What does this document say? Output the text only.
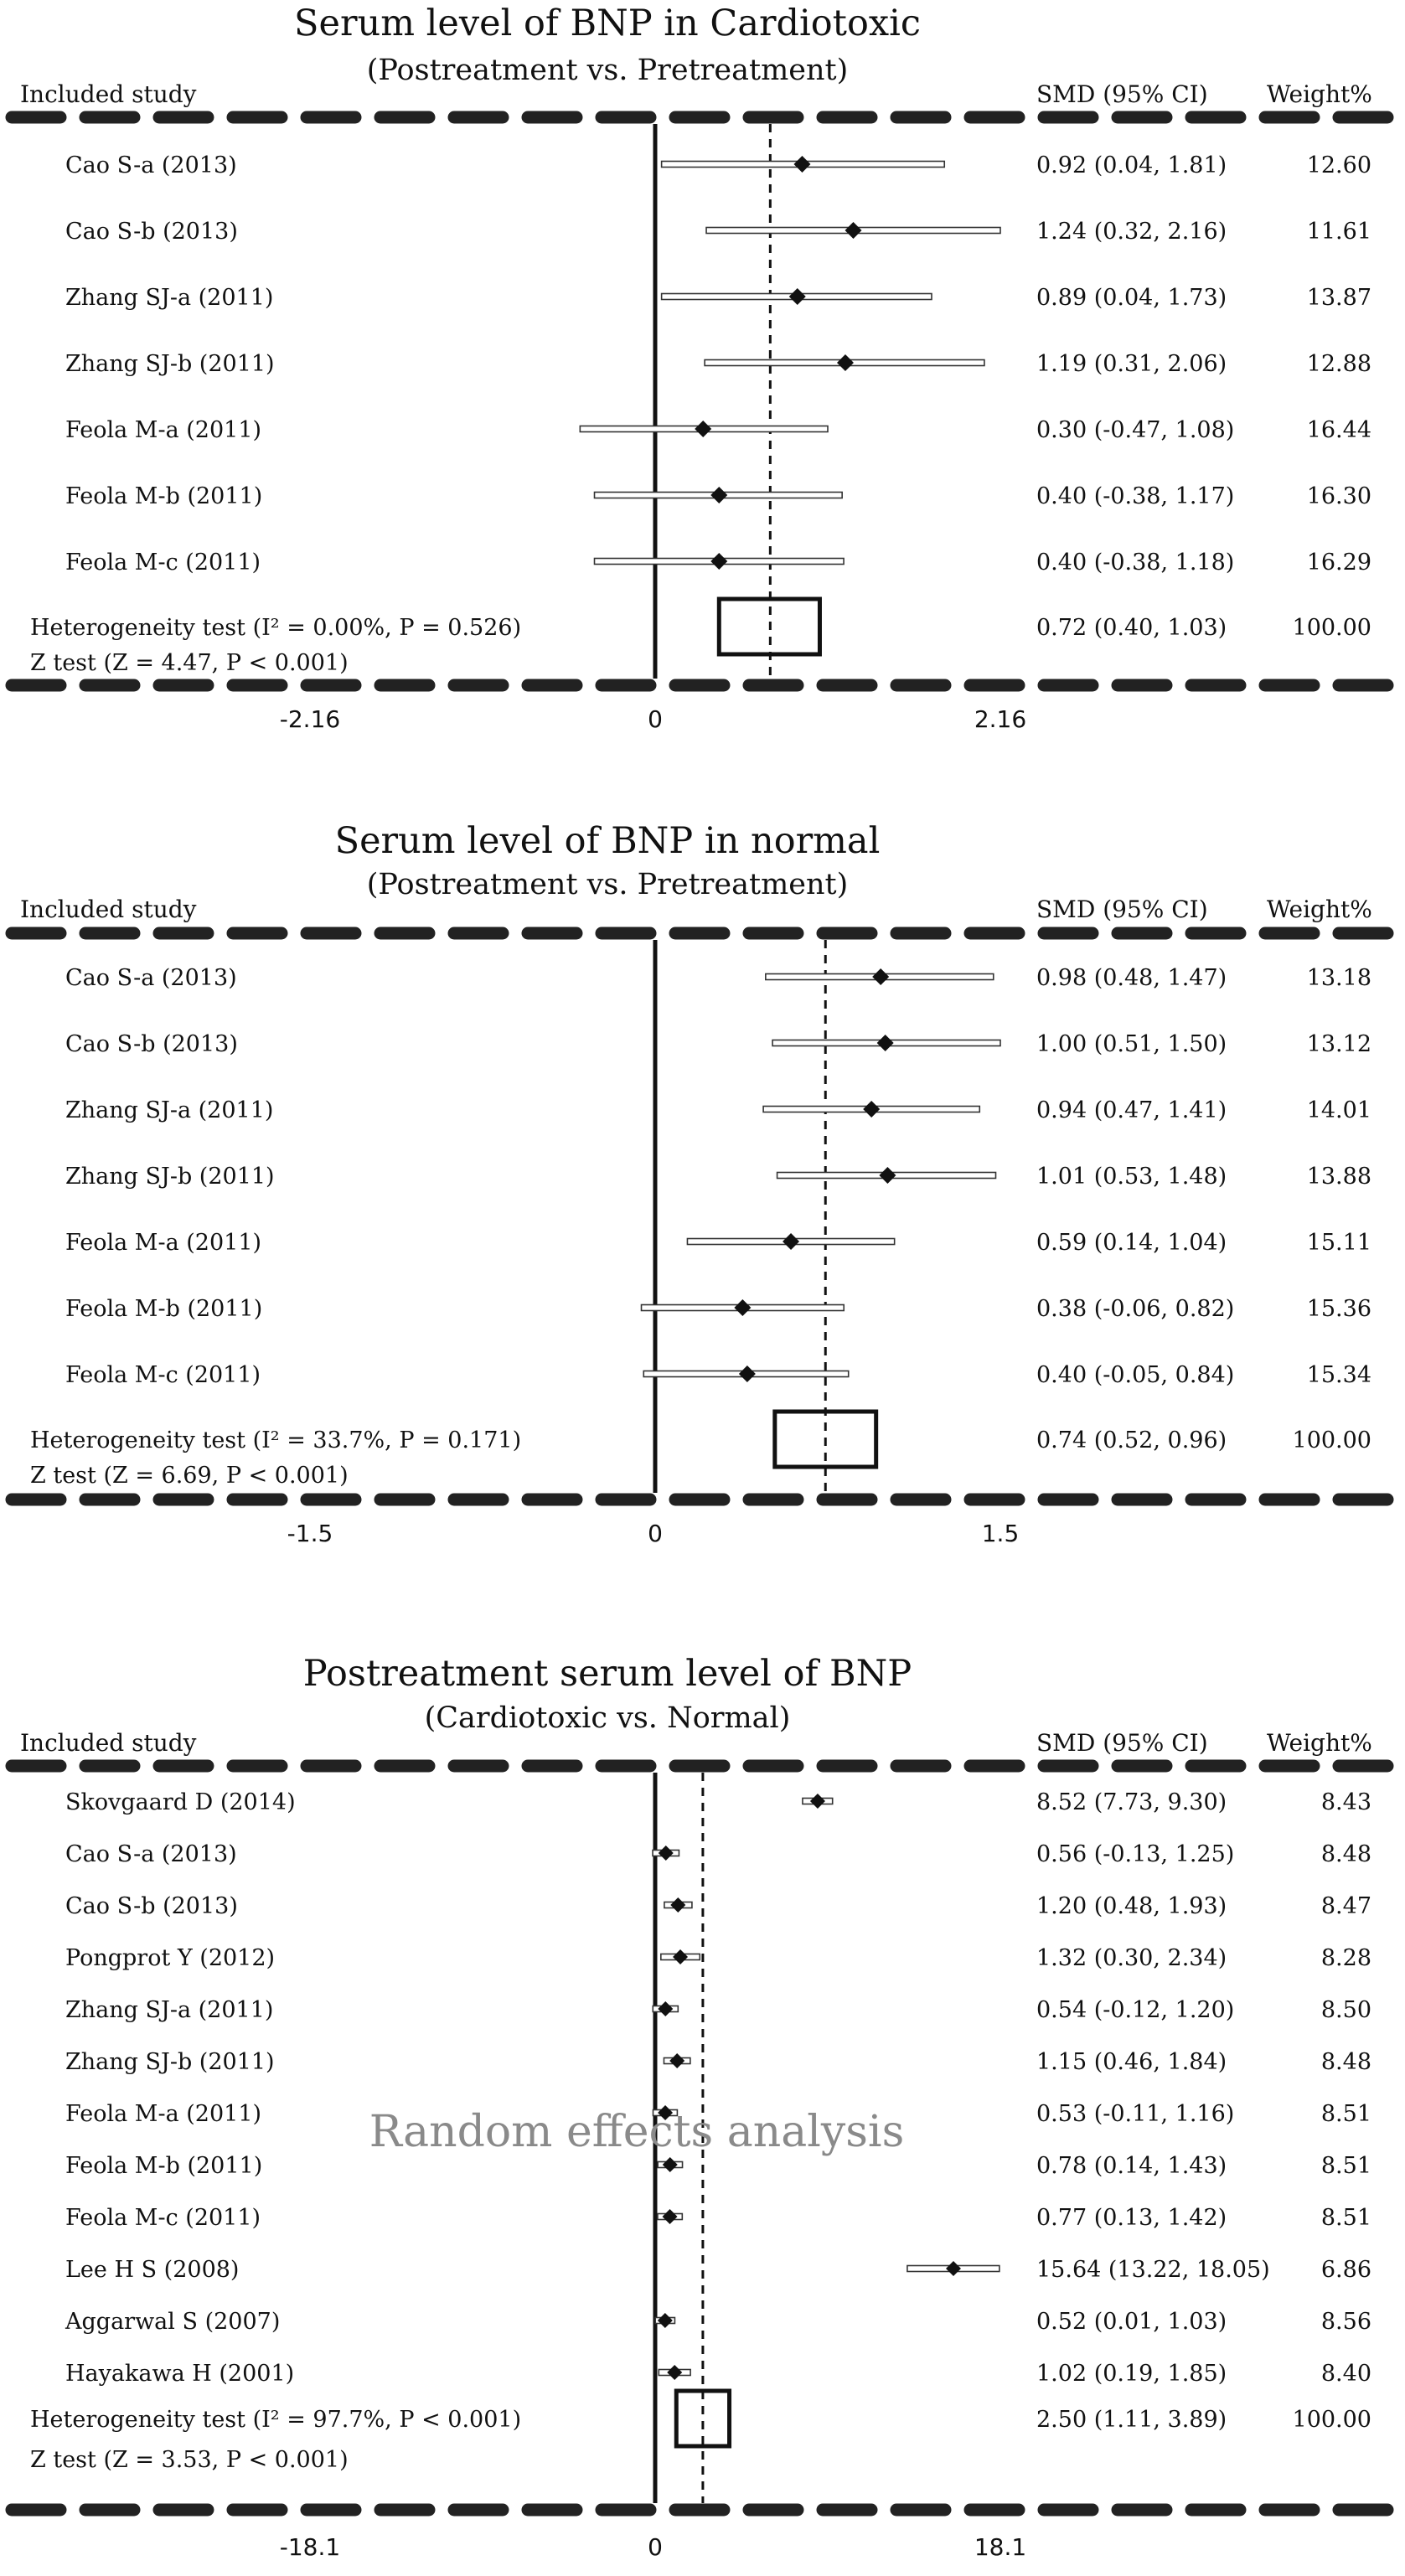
Serum level of BNP in Cardiotoxic
(Postreatment vs. Pretreatment)
Included study	SMD (95% CI)	Weight%
Cao S-a (2013)	0.92 (0.04, 1.81)	12.60
Cao S-b (2013)	1.24 (0.32, 2.16)	11.61
Zhang SJ-a (2011)	0.89 (0.04, 1.73)	13.87
Zhang SJ-b (2011)	1.19 (0.31, 2.06)	12.88
Feola M-a (2011)	0.30 (-0.47, 1.08)	16.44
Feola M-b (2011)	0.40 (-0.38, 1.17)	16.30
Feola M-c (2011)	0.40 (-0.38, 1.18)	16.29
Heterogeneity test (I² = 0.00%, P = 0.526)
Z test (Z = 4.47, P < 0.001)
0.72 (0.40, 1.03)	100.00
-2.16	0	2.16
Serum level of BNP in normal
(Postreatment vs. Pretreatment)
Included study	SMD (95% CI)	Weight%
Cao S-a (2013)	0.98 (0.48, 1.47)	13.18
Cao S-b (2013)	1.00 (0.51, 1.50)	13.12
Zhang SJ-a (2011)	0.94 (0.47, 1.41)	14.01
Zhang SJ-b (2011)	1.01 (0.53, 1.48)	13.88
Feola M-a (2011)	0.59 (0.14, 1.04)	15.11
Feola M-b (2011)	0.38 (-0.06, 0.82)	15.36
Feola M-c (2011)	0.40 (-0.05, 0.84)	15.34
Heterogeneity test (I² = 33.7%, P = 0.171)
Z test (Z = 6.69, P < 0.001)
0.74 (0.52, 0.96)	100.00
-1.5	0	1.5
Postreatment serum level of BNP
(Cardiotoxic vs. Normal)
Included study	SMD (95% CI)	Weight%
Skovgaard D (2014)	8.52 (7.73, 9.30)	8.43
Cao S-a (2013)	0.56 (-0.13, 1.25)	8.48
Cao S-b (2013)	1.20 (0.48, 1.93)	8.47
Pongprot Y (2012)	1.32 (0.30, 2.34)	8.28
Zhang SJ-a (2011)	0.54 (-0.12, 1.20)	8.50
Zhang SJ-b (2011)	1.15 (0.46, 1.84)	8.48
Feola M-a (2011)	0.53 (-0.11, 1.16)	8.51
Feola M-b (2011)	0.78 (0.14, 1.43)	8.51
Feola M-c (2011)	0.77 (0.13, 1.42)	8.51
Lee H S (2008)	15.64 (13.22, 18.05) 6.86
Aggarwal S (2007)	0.52 (0.01, 1.03)	8.56
Hayakawa H (2001)	1.02 (0.19, 1.85)	8.40
Heterogeneity test (I² = 97.7%, P < 0.001)
Z test (Z = 3.53, P < 0.001)
2.50 (1.11, 3.89)	100.00
-18.1	0	18.1
Random effects analysis
